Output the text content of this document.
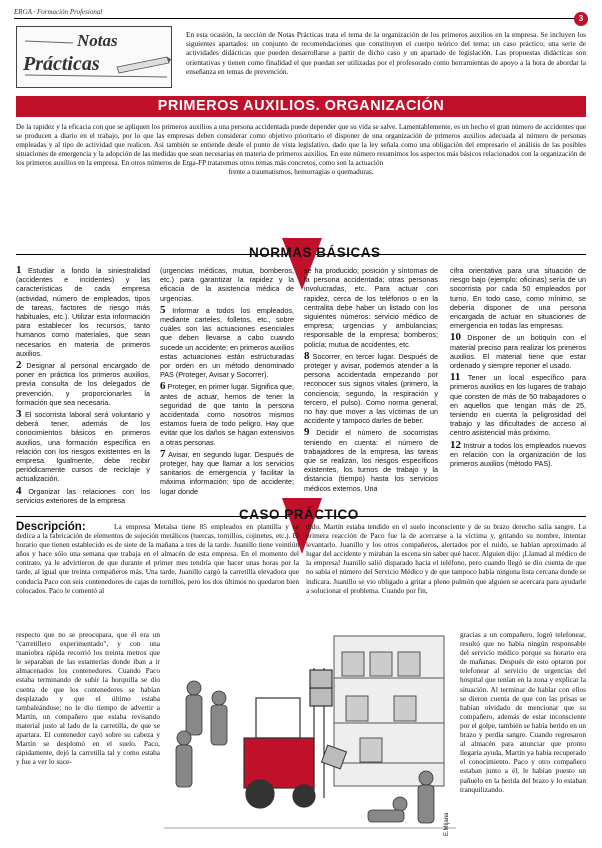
ERGA · Formación Profesional
3
Notas
Prácticas
En esta ocasión, la sección de Notas Prácticas trata el tema de la organización de los primeros auxilios en la empresa. Se incluyen los siguientes apartados: un conjunto de recomendaciones que constituyen el cuerpo teórico del tema; un caso práctico; una serie de actividades didácticas que pueden desarrollarse a partir de dicho caso y un apartado de legislación. Las propuestas didácticas son orientativas y tienen como finalidad el que puedan ser utilizadas por el profesorado como herramientas de apoyo a la hora de abordar la enseñanza en temas de prevención.
PRIMEROS AUXILIOS. ORGANIZACIÓN
De la rapidez y la eficacia con que se apliquen los primeros auxilios a una persona accidentada puede depender que su vida se salve. Lamentablemente, es un hecho el gran número de accidentes que se producen a diario en el trabajo, por lo que las empresas deben considerar como objetivo prioritario el disponer de una organización de primeros auxilios adecuada al número de personas empleadas y al tipo de actividad que realicen. Así también se entiende desde el punto de vista legislativo, dado que la ley señala como una obligación del empresario el análisis de las posibles situaciones de emergencia y la adopción de las medidas que sean necesarias en materia de primeros auxilios. En este número resumimos los aspectos más básicos relacionados con la organización de los primeros auxilios en la empresa. En otros números de Erga-FP trataremos otros temas más concretos, como son la actuación
frente a traumatismos, hemorragias o quemaduras.
NORMAS BÁSICAS

1 Estudiar a fondo la siniestralidad (accidentes e incidentes) y las características de cada empresa (actividad, número de empleados, tipos de tareas, factores de riesgo más habituales, etc.). Utilizar esta información para establecer los recursos, tanto humanos como materiales, que sean necesarios en materia de primeros auxilios.

2 Designar al personal encargado de poner en práctica los primeros auxilios, previa consulta de los delegados de prevención, y proporcionarles la formación que sea necesaria.

3 El socorrista laboral será voluntario y deberá tener, además de los conocimientos básicos en primeros auxilios, una formación específica en relación con los riesgos existentes en la empresa. Igualmente, debe recibir periódicamente cursos de reciclaje y actualización.

4 Organizar las relaciones con los servicios exteriores de la empresa

(urgencias médicas, mutua, bomberos, etc.) para garantizar la rapidez y la eficacia de la asistencia médica de urgencias.

5 Informar a todos los empleados, mediante carteles, folletos, etc., sobre cuáles son las actuaciones esenciales que deben llevarse a cabo cuando sucede un accidente; en primeros auxilios estas actuaciones están estructuradas por orden en un método denominado PAS (Proteger, Avisar y Socorrer).

6 Proteger, en primer lugar. Significa que, antes de actuar, hemos de tener la seguridad de que tanto la persona accidentada como nosotros mismos estamos fuera de todo peligro. Hay que evitar que los daños se hagan extensivos a otras personas.

7 Avisar, en segundo lugar. Después de proteger, hay que llamar a los servicios sanitarios de emergencia y facilitar la máxima información: tipo de accidente; lugar donde

se ha producido; posición y síntomas de la persona accidentada; otras personas involucradas, etc. Para actuar con rapidez, cerca de los teléfonos o en la centralita debe haber un listado con los siguientes números: servicio médico de empresa; urgencias y ambulancias; responsable de la empresa; bomberos; policía; mutua de accidentes, etc.

8 Socorrer, en tercer lugar. Después de proteger y avisar, podemos atender a la persona accidentada empezando por reconocer sus signos vitales (primero, la conciencia; segundo, la respiración y tercero, el pulso). Como norma general, no hay que mover a las víctimas de un accidente y tampoco darles de beber.

9 Decidir el número de socorristas teniendo en cuenta: el número de trabajadores de la empresa, las tareas que se realizan, los riesgos específicos existentes, los turnos de trabajo y la distancia (tiempo) hasta los servicios médicos externos. Una

cifra orientativa para una situación de riesgo bajo (ejemplo: oficinas) sería de un socorrista por cada 50 empleados por turno. En todo caso, como mínimo, se debería disponer de una persona encargada de actuar en situaciones de emergencia en todas las empresas.

10 Disponer de un botiquín con el material preciso para realizar los primeros auxilios. El material tiene que estar ordenado y siempre reponer el usado.

11 Tener un local específico para primeros auxilios en los lugares de trabajo que consten de más de 50 trabajadores o en aquellos que tengan más de 25, teniendo en cuenta la peligrosidad del trabajo y las dificultades de acceso al centro asistencial más próximo.

12 Instruir a todos los empleados nuevos en relación con la organización de los primeros auxilios (método PAS).

CASO PRÁCTICO
Descripción:	La empresa Metalsa tiene 85 empleados en plantilla y se dedica a la fabricación de elementos de sujeción metálicos (tuercas, tornillos, cojinetes, etc.). El horario que tienen establecido es de siete de la mañana a tres de la tarde. Juanillo tiene veintiún años y hace sólo una semana que trabaja en el almacén de esta empresa. En el momento del contrato, ya le advirtieron de que durante el primer mes tendría que hacer unas horas por la tarde, al igual que treinta compañeros más. Una tarde, Juanillo cargó la carretilla elevadora que conducía Paco con seis contenedores de cajas de tornillos, pero los dos últimos no quedaron bien colocados. Paco le comentó al
respecto que no se preocupara, que él era un "carretillero experimentado", y con una maniobra rápida recorrió los treinta metros que le separaban de las estanterías donde iban a ir almacenados los contenedores. Cuando Paco estaba terminando de subir la horquilla se dio cuenta de que los contenedores se habían desplazado y que el último estaba tambaleándose; no le dio tiempo de advertir a Martín, un compañero que estaba revisando material justo al lado de la carretilla, de que se apartara. El contenedor cayó sobre su cabeza y Martín se desplomó en el suelo. Paco, rápidamente, dejó la carretilla tal y como estaba y fue a ver lo suce-
dido. Martín estaba tendido en el suelo inconsciente y de su brazo derecho salía sangre. La primera reacción de Paco fue la de acercarse a la víctima y, gritando su nombre, intentar levantarlo. Juanillo y los otros compañeros, alertados por el ruido, se habían aproximado al lugar del accidente y miraban la escena sin saber qué hacer. Alguien dijo: ¡Llamad al médico de la empresa! Juanillo salió disparado hacia el teléfono, pero cuando llegó se dio cuenta de que no sabía el número del Servicio Médico y de que tampoco había ninguna lista cercana donde se indicara. Juanillo se vio obligado a gritar a pleno pulmón que alguien se acercara para ayudarle a solucionar el problema. Cuando por fin,
gracias a un compañero, logró telefonear, resultó que no había ningún responsable del servicio médico porque su horario era de mañanas. Después de esto optaron por telefonear al servicio de urgencias del hospital que tenían en la zona y explicar la situación. Al terminar de hablar con ellos se dieron cuenta de que con las prisas se habían olvidado de mencionar que su compañero, además de estar inconsciente por el golpe, también se había herido en un brazo y perdía sangre. Cuando regresaron al almacén para anunciar que pronto llegaría ayuda, Martín ya había recuperado el conocimiento. Paco y otro compañero estaban junto a él, le habían puesto un pañuelo en la herida del brazo y lo estaban tranquilizando.
E.Mijana
